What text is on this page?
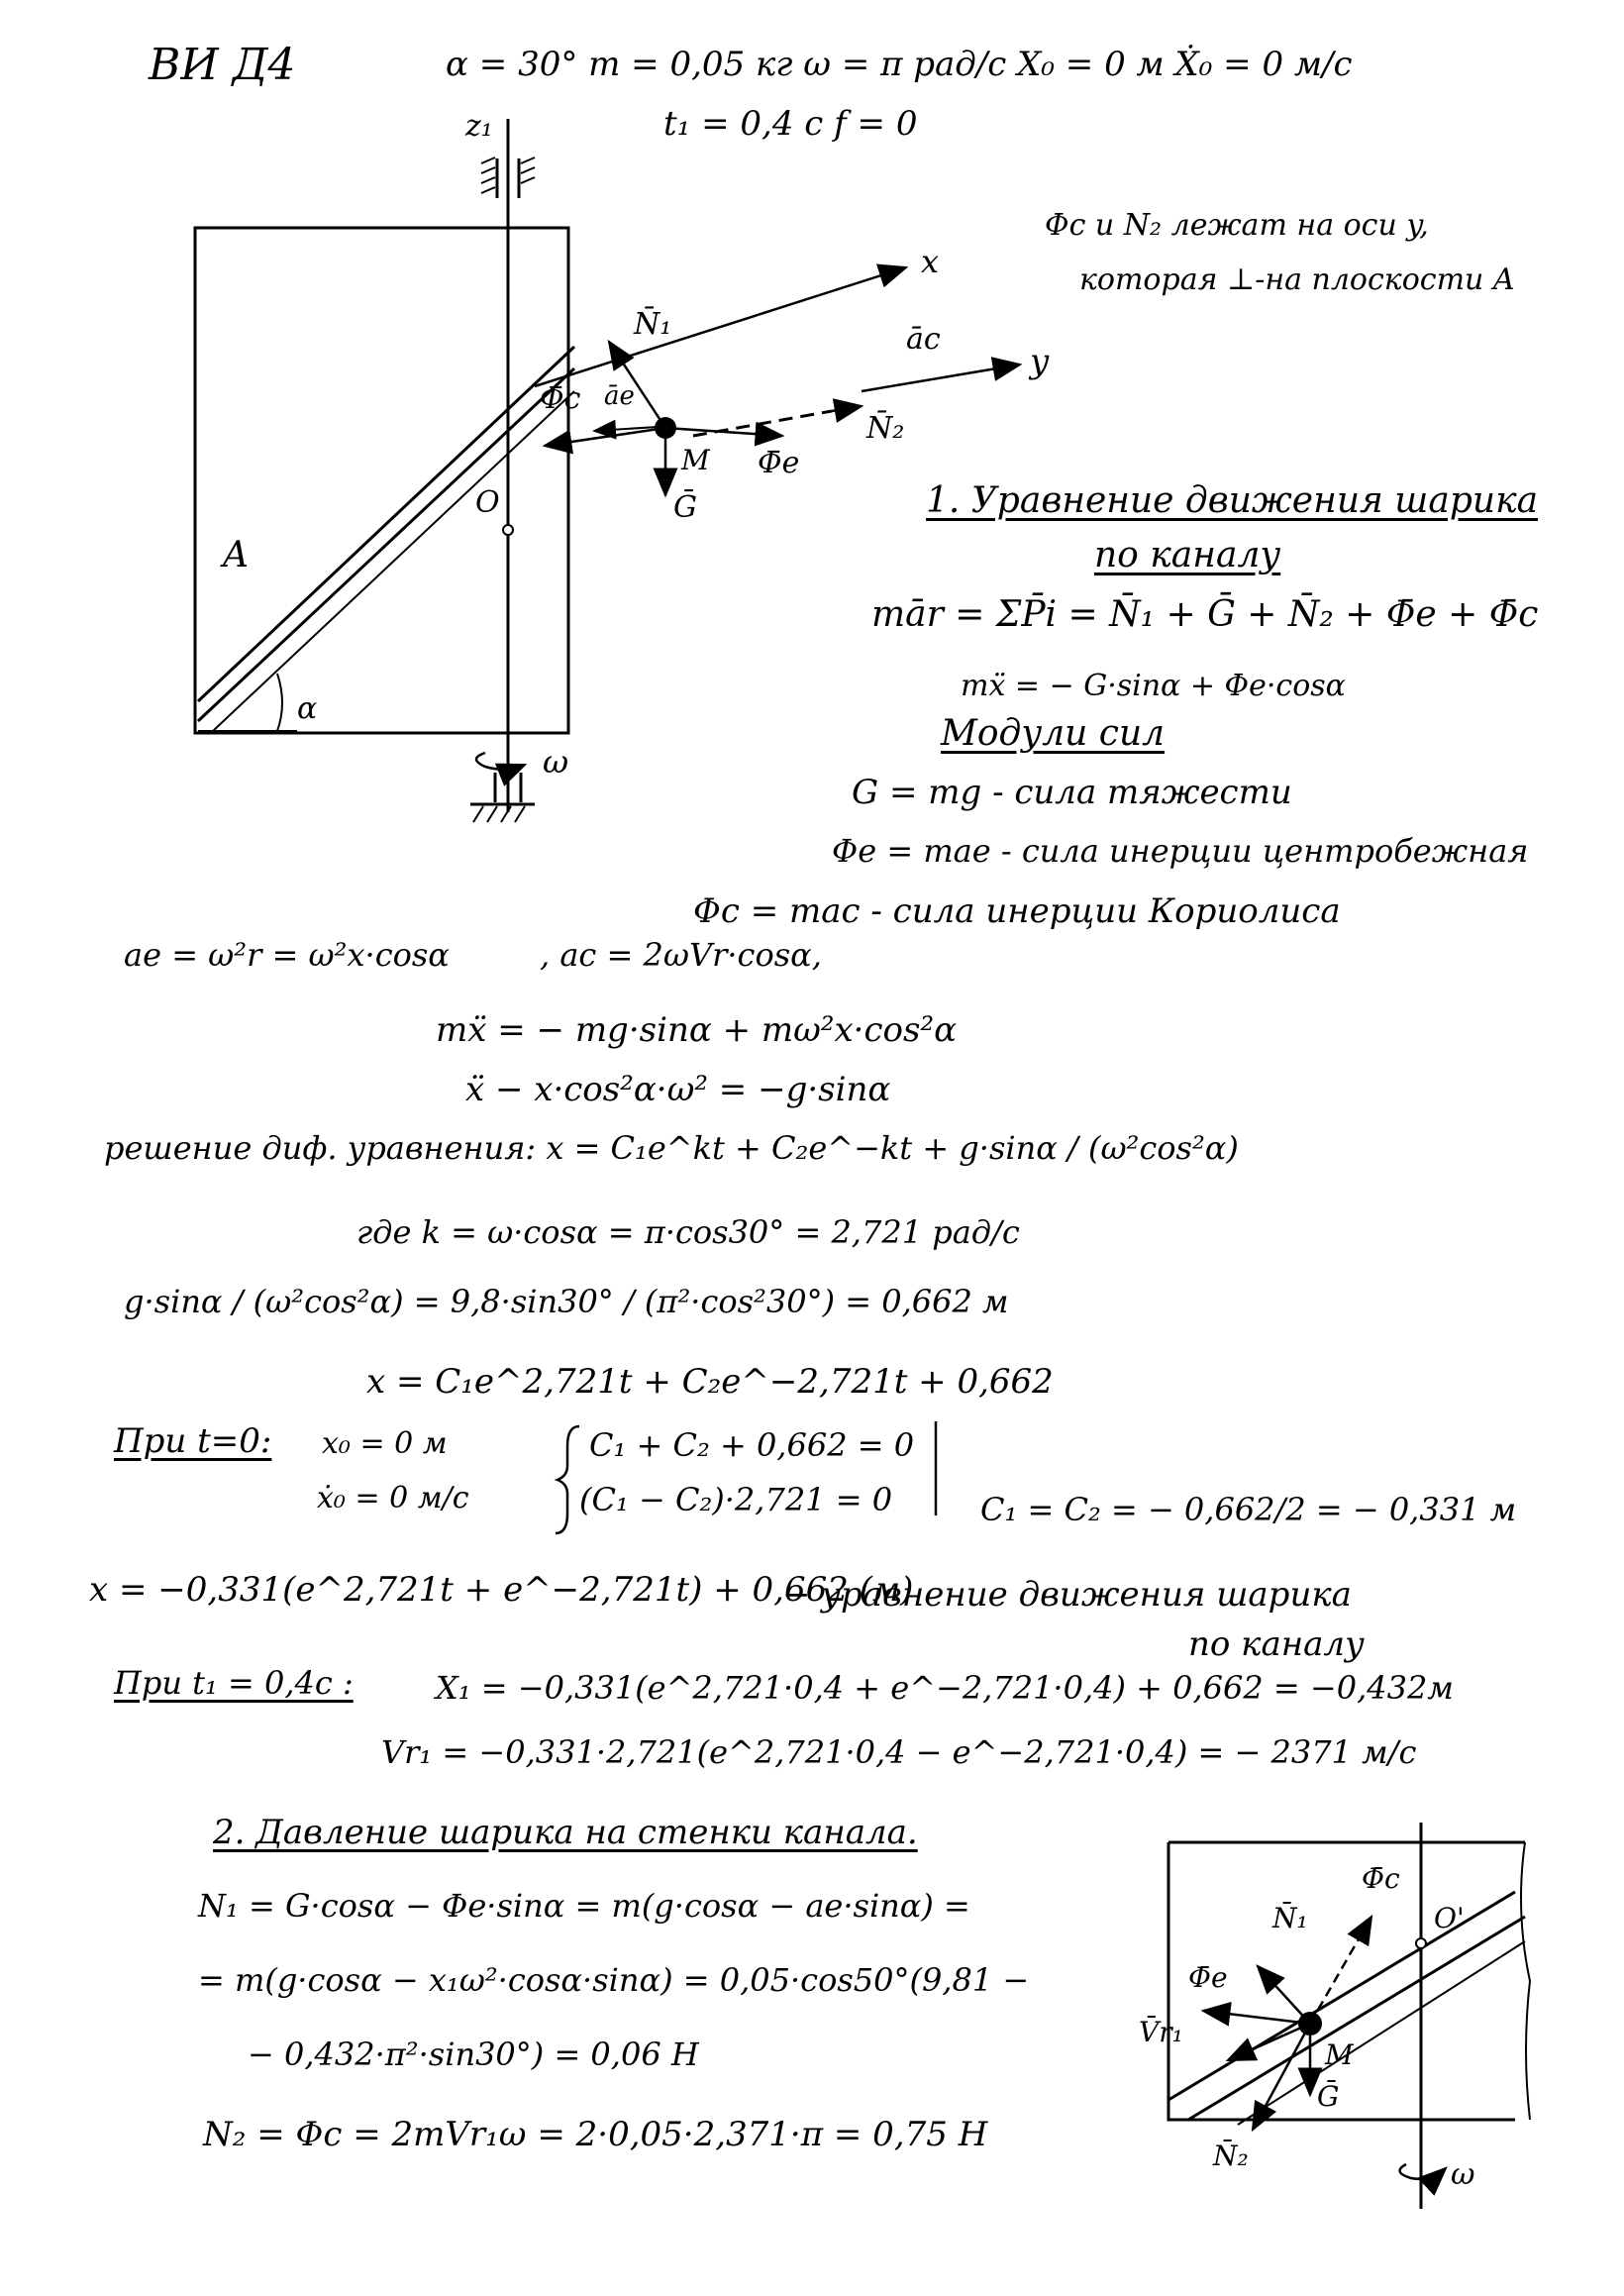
ВИ Д4	α = 30° m = 0,05 кг ω = π рад/с X₀ = 0 м Ẋ₀ = 0 м/с
t₁ = 0,4 с f = 0
Φc и N₂ лежат на оси y,
которая ⊥-на плоскости A
z₁
x
y
āc
N̄₁
N̄₂
Φ̄c āe
M
Ḡ
Φ̄e
O
A
α
ω
1. Уравнение движения шарика
по каналу
mār = ΣP̄i = N̄₁ + Ḡ + N̄₂ + Φ̄e + Φ̄c
mẍ = − G·sinα + Φe·cosα
Модули сил
G = mg - сила тяжести
Φe = mae - сила инерции центробежная
Φc = mac - сила инерции Кориолиса
ae = ω²r = ω²x·cosα	, ac = 2ωVr·cosα,
mẍ = − mg·sinα + mω²x·cos²α
ẍ − x·cos²α·ω² = −g·sinα
решение диф. уравнения: x = C₁e^kt + C₂e^−kt + g·sinα / (ω²cos²α)
где k = ω·cosα = π·cos30° = 2,721 рад/с
g·sinα / (ω²cos²α) = 9,8·sin30° / (π²·cos²30°) = 0,662 м
x = C₁e^2,721t + C₂e^−2,721t + 0,662
При t=0: x₀ = 0 м
ẋ₀ = 0 м/с
C₁ + C₂ + 0,662 = 0
(C₁ − C₂)·2,721 = 0	C₁ = C₂ = − 0,662/2 = − 0,331 м
x = −0,331(e^2,721t + e^−2,721t) + 0,662 (м)
− уравнение движения шарика
по каналу
При t₁ = 0,4с :	X₁ = −0,331(e^2,721·0,4 + e^−2,721·0,4) + 0,662 = −0,432м
Vr₁ = −0,331·2,721(e^2,721·0,4 − e^−2,721·0,4) = − 2371 м/с
2. Давление шарика на стенки канала.
N₁ = G·cosα − Φe·sinα = m(g·cosα − ae·sinα) =
= m(g·cosα − x₁ω²·cosα·sinα) = 0,05·cos50°(9,81 −
− 0,432·π²·sin30°) = 0,06 H
N₂ = Φc = 2mVr₁ω = 2·0,05·2,371·π = 0,75 H
Φ̄c
N̄₁	O'
Φ̄e
V̄r₁
M
Ḡ
N̄₂
ω
